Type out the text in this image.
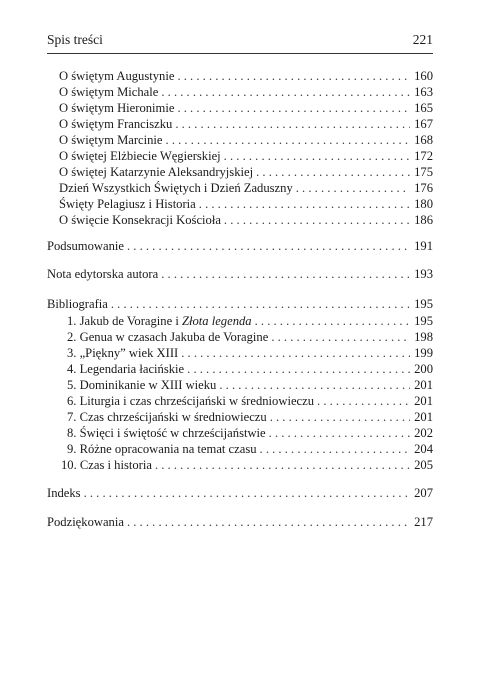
Spis treści	221
O świętym Augustynie . . .	160
O świętym Michale . . .	163
O świętym Hieronimie . . .	165
O świętym Franciszku . . .	167
O świętym Marcinie . . .	168
O świętej Elżbiecie Węgierskiej . . .	172
O świętej Katarzynie Aleksandryjskiej . . .	175
Dzień Wszystkich Świętych i Dzień Zaduszny . . .	176
Święty Pelagiusz i Historia . . .	180
O święcie Konsekracji Kościoła . . .	186
Podsumowanie . . .	191
Nota edytorska autora . . .	193
Bibliografia . . .	195
1. Jakub de Voragine i Złota legenda . . .	195
2. Genua w czasach Jakuba de Voragine . . .	198
3. „Piękny” wiek XIII . . .	199
4. Legendaria łacińskie . . .	200
5. Dominikanie w XIII wieku . . .	201
6. Liturgia i czas chrześcijański w średniowieczu . . .	201
7. Czas chrześcijański w średniowieczu . . .	201
8. Święci i świętość w chrześcijaństwie . . .	202
9. Różne opracowania na temat czasu . . .	204
10. Czas i historia . . .	205
Indeks . . .	207
Podziękowania . . .	217
